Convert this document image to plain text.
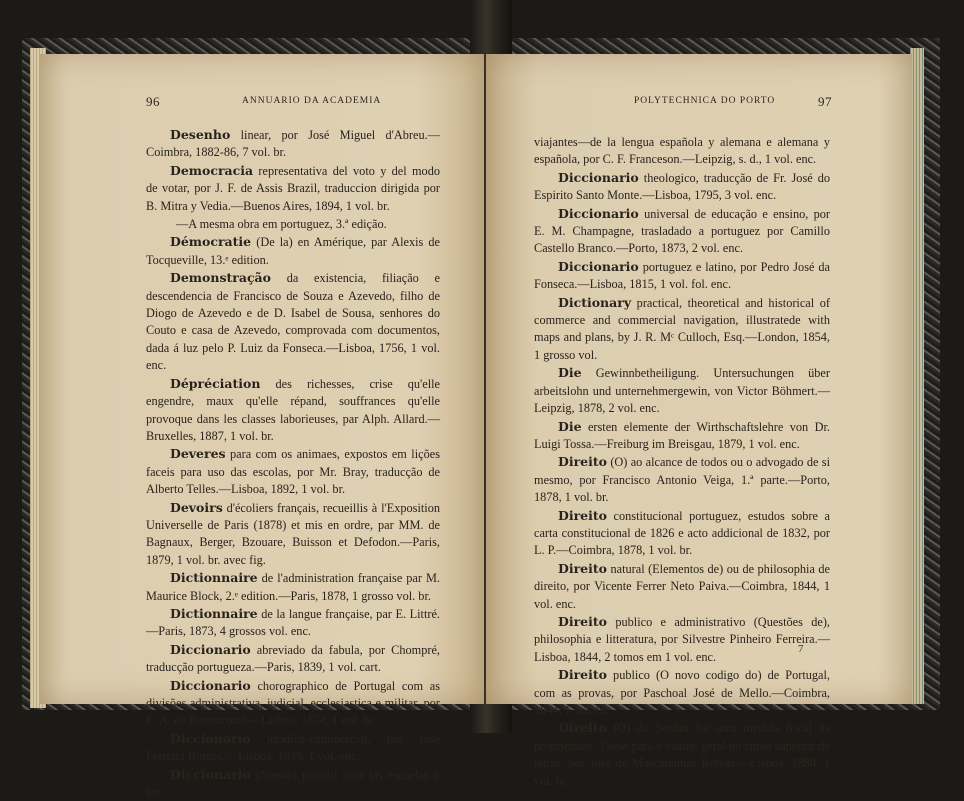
96	ANNUARIO DA ACADEMIA	POLYTECHNICA DO PORTO	97

Desenho linear, por José Miguel d'Abreu.—Coimbra, 1882-86, 7 vol. br.

Democracia representativa del voto y del modo de votar, por J. F. de Assis Brazil, traduccion dirigida por B. Mitra y Vedia.—Buenos Aires, 1894, 1 vol. br.

—A mesma obra em portuguez, 3.ª edição.

Démocratie (De la) en Amérique, par Alexis de Tocqueville, 13.ᵉ edition.

Demonstração da existencia, filiação e descendencia de Francisco de Souza e Azevedo, filho de Diogo de Azevedo e de D. Isabel de Sousa, senhores do Couto e casa de Azevedo, comprovada com documentos, dada á luz pelo P. Luiz da Fonseca.—Lisboa, 1756, 1 vol. enc.

Dépréciation des richesses, crise qu'elle engendre, maux qu'elle répand, souffrances qu'elle provoque dans les classes laborieuses, par Alph. Allard.—Bruxelles, 1887, 1 vol. br.

Deveres para com os animaes, expostos em lições faceis para uso das escolas, por Mr. Bray, traducção de Alberto Telles.—Lisboa, 1892, 1 vol. br.

Devoirs d'écoliers français, recueillis à l'Exposition Universelle de Paris (1878) et mis en ordre, par MM. de Bagnaux, Berger, Bzouare, Buisson et Defodon.—Paris, 1879, 1 vol. br. avec fig.

Dictionnaire de l'administration française par M. Maurice Block, 2.ᵉ edition.—Paris, 1878, 1 grosso vol. br.

Dictionnaire de la langue française, par E. Littré.—Paris, 1873, 4 grossos vol. enc.

Diccionario abreviado da fabula, por Chompré, traducção portugueza.—Paris, 1839, 1 vol. cart.

Diccionario chorographico de Portugal com as divisões administrativa, judicial, ecclesiastica e militar, por E. A. de Bettencourt.—Lisboa, 1874, 1 vol. br.

Diccionario juridico-commercial, por José Ferreira Borges.—Lisboa, 1839, 1 vol. enc.

Diccionario (Nuevo) portatil para las escuelas y los

viajantes—de la lengua española y alemana e alemana y española, por C. F. Franceson.—Leipzig, s. d., 1 vol. enc.

Diccionario theologico, traducção de Fr. José do Espirito Santo Monte.—Lisboa, 1795, 3 vol. enc.

Diccionario universal de educação e ensino, por E. M. Champagne, trasladado a portuguez por Camillo Castello Branco.—Porto, 1873, 2 vol. enc.

Diccionario portuguez e latino, por Pedro José da Fonseca.—Lisboa, 1815, 1 vol. fol. enc.

Dictionary practical, theoretical and historical of commerce and commercial navigation, illustratede with maps and plans, by J. R. Mᶜ Culloch, Esq.—London, 1854, 1 grosso vol.

Die Gewinnbetheiligung. Untersuchungen über arbeitslohn und unternehmergewin, von Victor Böhmert.—Leipzig, 1878, 2 vol. enc.

Die ersten elemente der Wirthschaftslehre von Dr. Luigi Tossa.—Freiburg im Breisgau, 1879, 1 vol. enc.

Direito (O) ao alcance de todos ou o advogado de si mesmo, por Francisco Antonio Veiga, 1.ª parte.—Porto, 1878, 1 vol. br.

Direito constitucional portuguez, estudos sobre a carta constitucional de 1826 e acto addicional de 1832, por L. P.—Coimbra, 1878, 1 vol. br.

Direito natural (Elementos de) ou de philosophia de direito, por Vicente Ferrer Neto Paiva.—Coimbra, 1844, 1 vol. enc.

Direito publico e administrativo (Questões de), philosophia e litteratura, por Silvestre Pinheiro Ferreira.—Lisboa, 1844, 2 tomos em 1 vol. enc.

Direito publico (O novo codigo do) de Portugal, com as provas, por Paschoal José de Mello.—Coimbra, 1844, 1 vol. br.

Direito (O) do Senhor foi uma medida fiscal da propriedade. These para o exame geral no curso superior de letras, por José de Mascarenhas Relvas.—Lisboa, 1880, 1 vol. br.

7
